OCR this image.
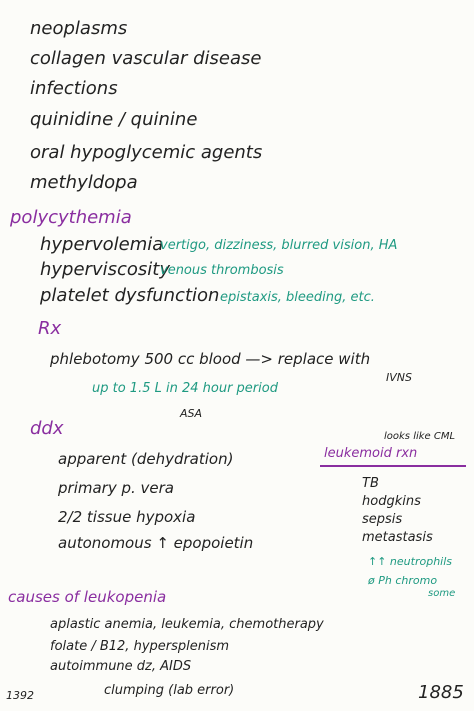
neoplasms
collagen vascular disease
infections
quinidine / quinine
oral hypoglycemic agents
methyldopa
polycythemia
hypervolemia
vertigo, dizziness, blurred vision, HA
hyperviscosity
venous thrombosis
platelet dysfunction epistaxis, bleeding, etc.
Rx
phlebotomy 500 cc blood —> replace with
IVNS
up to 1.5 L in 24 hour period
ASA
ddx
apparent (dehydration)
primary p. vera
2/2 tissue hypoxia
autonomous ↑ epopoietin
looks like CML
leukemoid rxn
TB
hodgkins
sepsis
metastasis
↑↑ neutrophils
ø Ph chromo
some
causes of leukopenia
aplastic anemia, leukemia, chemotherapy
folate / B12, hypersplenism
autoimmune dz, AIDS
clumping (lab error)
1392	1885
